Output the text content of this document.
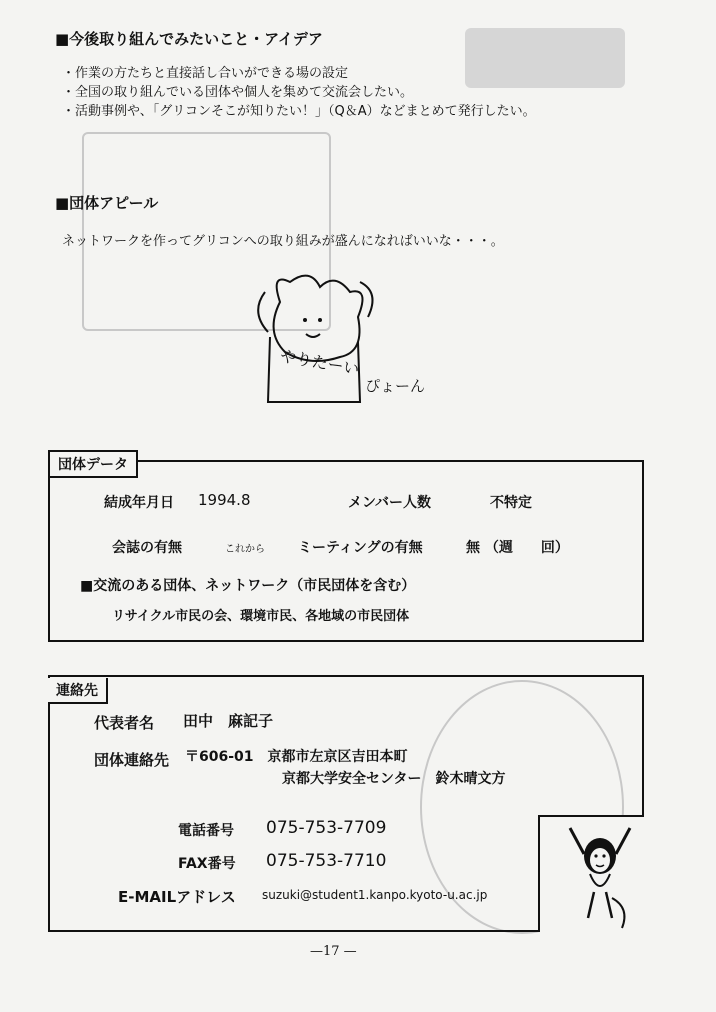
■今後取り組んでみたいこと・アイデア
・作業の方たちと直接話し合いができる場の設定
・全国の取り組んでいる団体や個人を集めて交流会したい。
・活動事例や、「グリコンそこが知りたい！」（Q＆A）などまとめて発行したい。
■団体アピール
ネットワークを作ってグリコンへの取り組みが盛んになればいいな・・・。
やりたーい
ぴょーん
団体データ
結成年月日 1994.8	メンバー人数	不特定
会誌の有無	これから ミーティングの有無	無 （週　　回）
■交流のある団体、ネットワーク（市民団体を含む）
リサイクル市民の会、環境市民、各地域の市民団体
連絡先
代表者名 田中　麻記子
団体連絡先 〒606-01　京都市左京区吉田本町
京都大学安全センター　鈴木晴文方
電話番号 075-753-7709
FAX番号 075-753-7710
E-MAILアドレス suzuki@student1.kanpo.kyoto-u.ac.jp
—17 —
